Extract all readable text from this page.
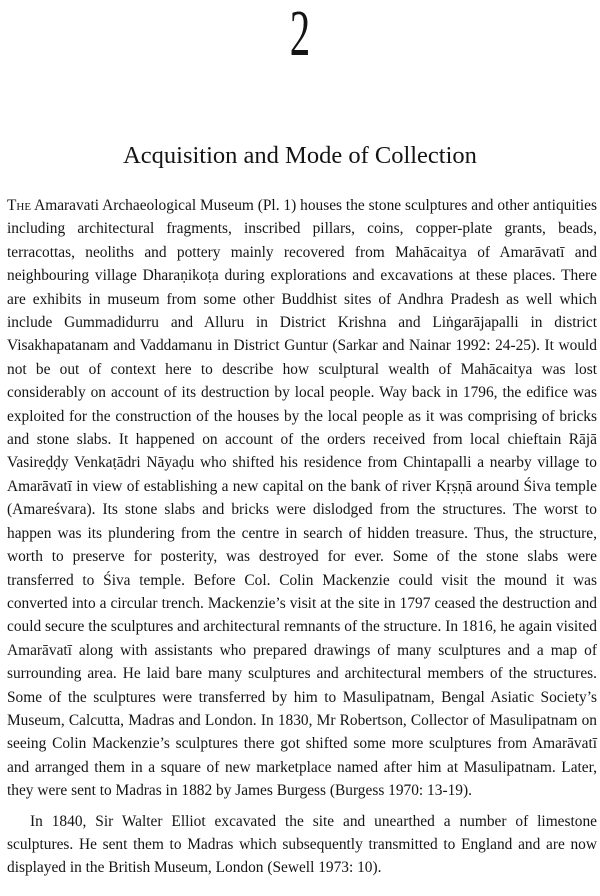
2
Acquisition and Mode of Collection

The Amaravati Archaeological Museum (Pl. 1) houses the stone sculptures and other antiquities including architectural fragments, inscribed pillars, coins, copper-plate grants, beads, terracottas, neoliths and pottery mainly recovered from Mahācaitya of Amarāvatī and neighbouring village Dharaṇikoṭa during explorations and excavations at these places. There are exhibits in museum from some other Buddhist sites of Andhra Pradesh as well which include Gummadidurru and Alluru in District Krishna and Liṅgarājapalli in district Visakhapatanam and Vaddamanu in District Guntur (Sarkar and Nainar 1992: 24-25). It would not be out of context here to describe how sculptural wealth of Mahācaitya was lost considerably on account of its destruction by local people. Way back in 1796, the edifice was exploited for the construction of the houses by the local people as it was comprising of bricks and stone slabs. It happened on account of the orders received from local chieftain Rājā Vasireḍḍy Venkaṭādri Nāyaḍu who shifted his residence from Chintapalli a nearby village to Amarāvatī in view of establishing a new capital on the bank of river Kṛṣṇā around Śiva temple (Amareśvara). Its stone slabs and bricks were dislodged from the structures. The worst to happen was its plundering from the centre in search of hidden treasure. Thus, the structure, worth to preserve for posterity, was destroyed for ever. Some of the stone slabs were transferred to Śiva temple. Before Col. Colin Mackenzie could visit the mound it was converted into a circular trench. Mackenzie’s visit at the site in 1797 ceased the destruction and could secure the sculptures and architectural remnants of the structure. In 1816, he again visited Amarāvatī along with assistants who prepared drawings of many sculptures and a map of surrounding area. He laid bare many sculptures and architectural members of the structures. Some of the sculptures were transferred by him to Masulipatnam, Bengal Asiatic Society’s Museum, Calcutta, Madras and London. In 1830, Mr Robertson, Collector of Masulipatnam on seeing Colin Mackenzie’s sculptures there got shifted some more sculptures from Amarāvatī and arranged them in a square of new marketplace named after him at Masulipatnam. Later, they were sent to Madras in 1882 by James Burgess (Burgess 1970: 13-19).

In 1840, Sir Walter Elliot excavated the site and unearthed a number of limestone sculptures. He sent them to Madras which subsequently transmitted to England and are now displayed in the British Museum, London (Sewell 1973: 10).
